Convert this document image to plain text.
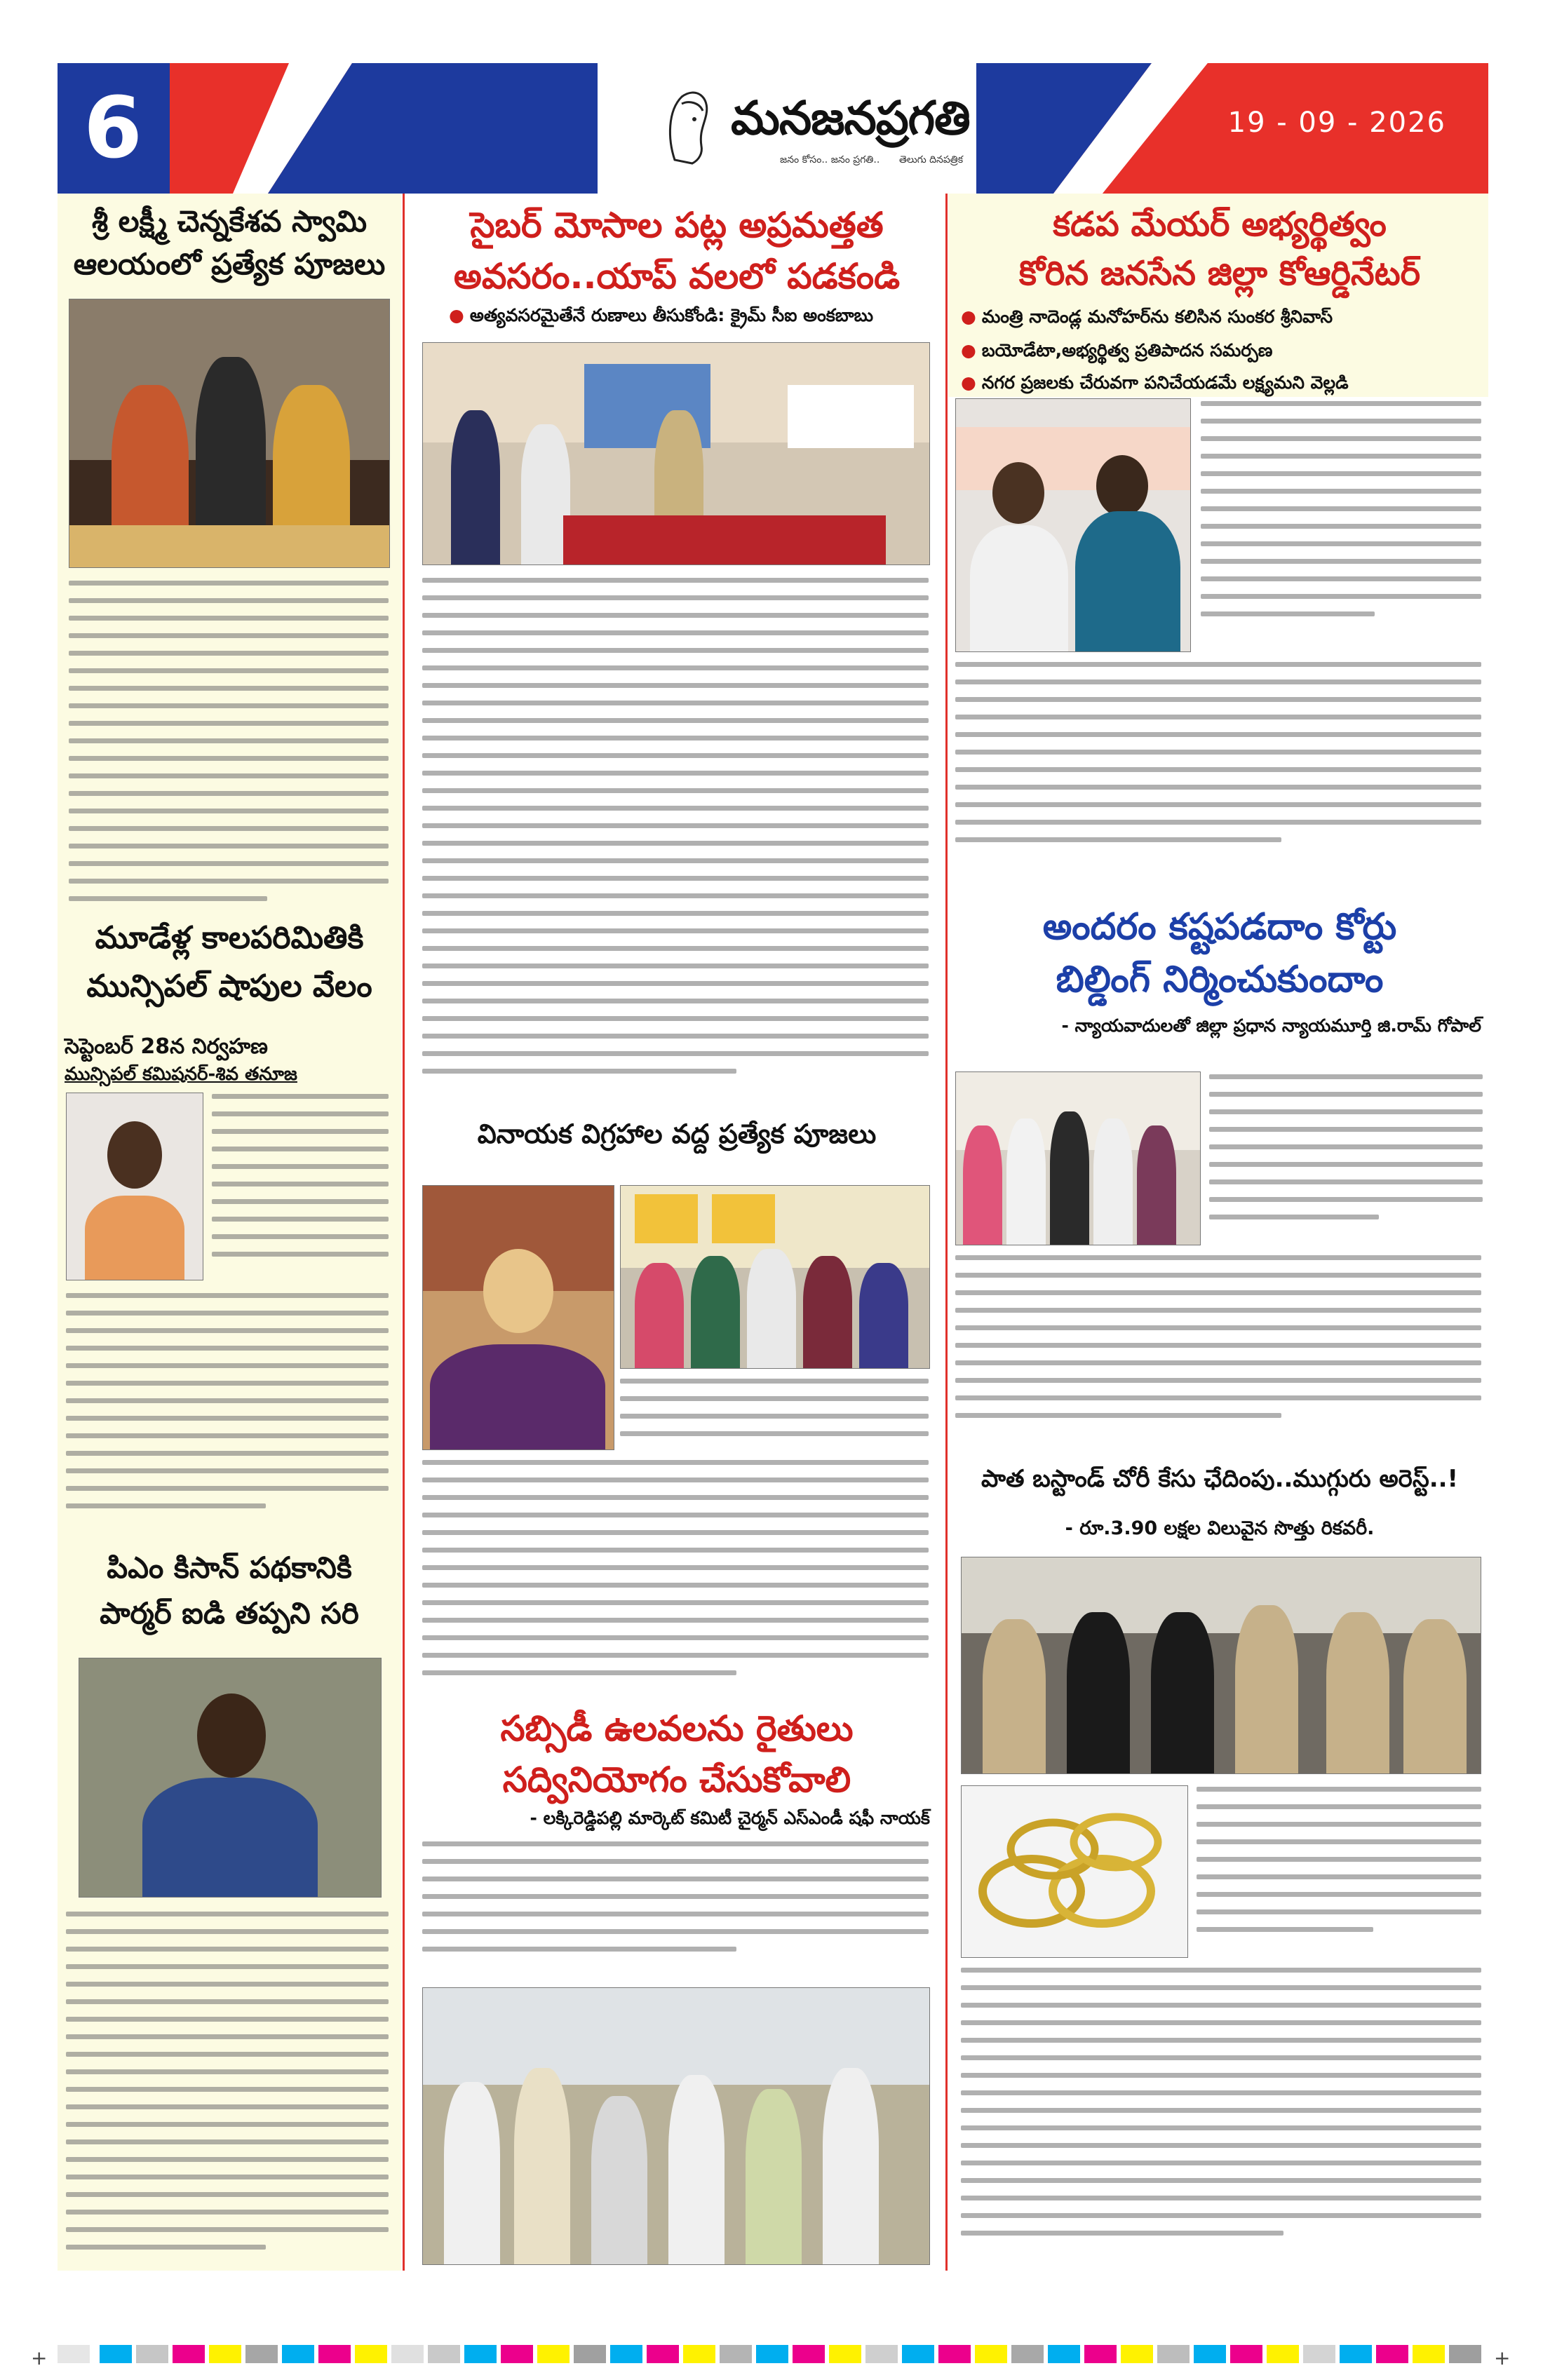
6	మనజనప్రగతి
జనం కోసం.. జనం ప్రగతి.. తెలుగు దినపత్రిక
19 - 09 - 2026
శ్రీ లక్ష్మీ చెన్నకేశవ స్వామి
ఆలయంలో ప్రత్యేక పూజలు
మూడేళ్ల కాలపరిమితికి
మున్సిపల్ షాపుల వేలం
సెప్టెంబర్ 28న నిర్వహణ
మున్సిపల్ కమిషనర్-శివ తనూజ
పిఎం కిసాన్ పథకానికి
పార్మర్ ఐడి తప్పని సరి
సైబర్ మోసాల పట్ల అప్రమత్తత
అవసరం..యాప్ వలలో పడకండి
● అత్యవసరమైతేనే రుణాలు తీసుకోండి: క్రైమ్ సీఐ అంకబాబు
వినాయక విగ్రహాల వద్ద ప్రత్యేక పూజలు
సబ్సిడీ ఉలవలను రైతులు
సద్వినియోగం చేసుకోవాలి
- లక్కిరెడ్డిపల్లి మార్కెట్ కమిటీ చైర్మన్ ఎస్ఎండీ షఫీ నాయక్
కడప మేయర్ అభ్యర్థిత్వం
కోరిన జనసేన జిల్లా కోఆర్డినేటర్
● మంత్రి నాదెండ్ల మనోహర్‌ను కలిసిన సుంకర శ్రీనివాస్
● బయోడేటా,అభ్యర్థిత్వ ప్రతిపాదన సమర్పణ
● నగర ప్రజలకు చేరువగా పనిచేయడమే లక్ష్యమని వెల్లడి
అందరం కష్టపడదాం కోర్టు
బిల్డింగ్ నిర్మించుకుందాం
- న్యాయవాదులతో జిల్లా ప్రధాన న్యాయమూర్తి జి.రామ్ గోపాల్
పాత బస్టాండ్ చోరీ కేసు ఛేదింపు..ముగ్గురు అరెస్ట్..!
- రూ.3.90 లక్షల విలువైన సొత్తు రికవరీ.
+	+
